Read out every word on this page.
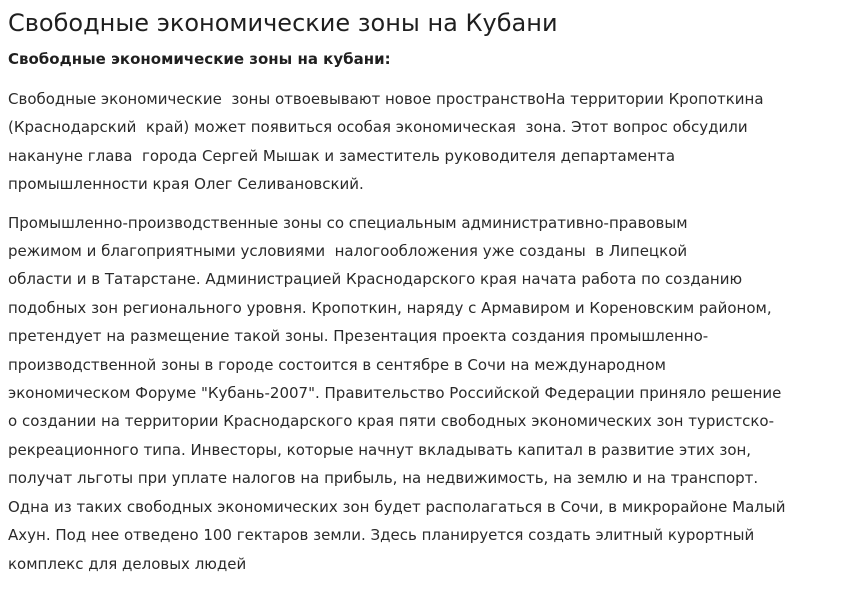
Свободные экономические зоны на Кубани
Свободные экономические зоны на кубани:

Свободные экономические  зоны отвоевывают новое пространствоНа территории Кропоткина
(Краснодарский  край) может появиться особая экономическая  зона. Этот вопрос обсудили
накануне глава  города Сергей Мышак и заместитель руководителя департамента
промышленности края Олег Селивановский.

Промышленно-производственные зоны со специальным административно-правовым
режимом и благоприятными условиями  налогообложения уже созданы  в Липецкой
области и в Татарстане. Администрацией Краснодарского края начата работа по созданию
подобных зон регионального уровня. Кропоткин, наряду с Армавиром и Кореновским районом,
претендует на размещение такой зоны. Презентация проекта создания промышленно-
производственной зоны в городе состоится в сентябре в Сочи на международном
экономическом Форуме "Кубань-2007". Правительство Российской Федерации приняло решение
о создании на территории Краснодарского края пяти свободных экономических зон туристско-
рекреационного типа. Инвесторы, которые начнут вкладывать капитал в развитие этих зон,
получат льготы при уплате налогов на прибыль, на недвижимость, на землю и на транспорт.
Одна из таких свободных экономических зон будет располагаться в Сочи, в микрорайоне Малый
Ахун. Под нее отведено 100 гектаров земли. Здесь планируется создать элитный курортный
комплекс для деловых людей
